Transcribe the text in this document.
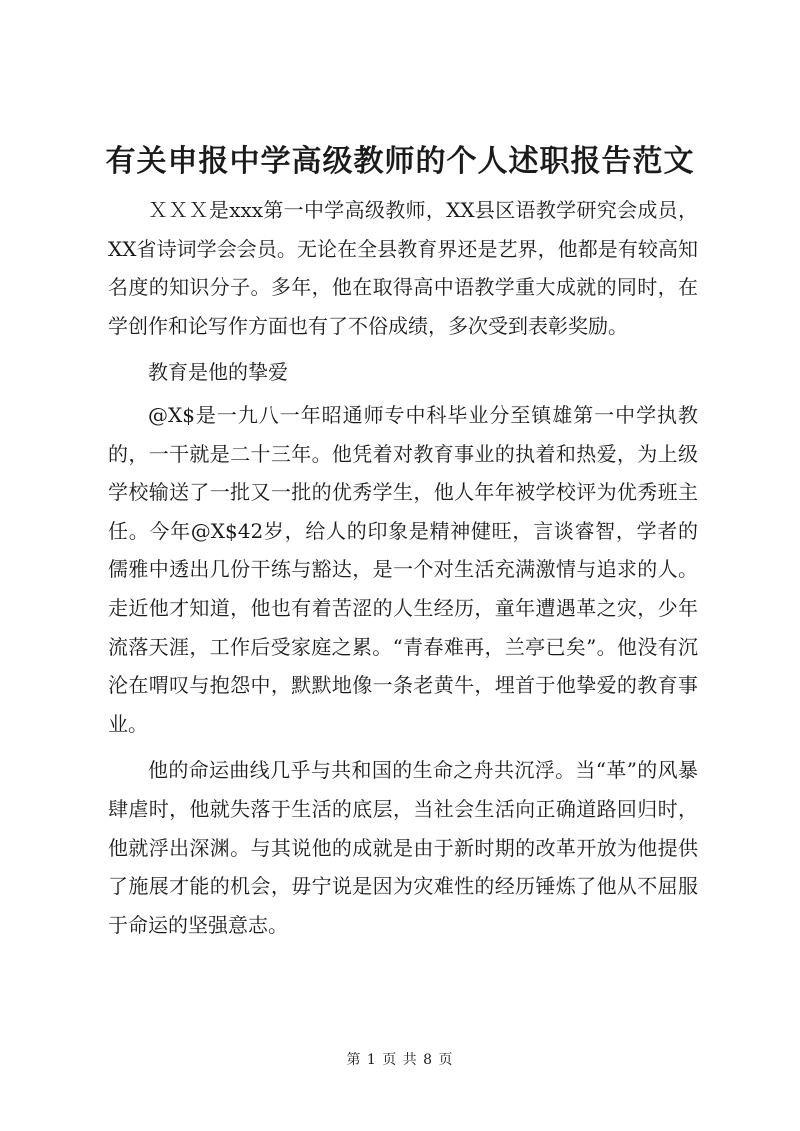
有关申报中学高级教师的个人述职报告范文

ＸＸＸ是xxx第一中学高级教师，XX县区语教学研究会成员，XX省诗词学会会员。无论在全县教育界还是艺界，他都是有较高知名度的知识分子。多年，他在取得高中语教学重大成就的同时，在学创作和论写作方面也有了不俗成绩，多次受到表彰奖励。

教育是他的挚爱

@X$是一九八一年昭通师专中科毕业分至镇雄第一中学执教的，一干就是二十三年。他凭着对教育事业的执着和热爱，为上级学校输送了一批又一批的优秀学生，他人年年被学校评为优秀班主任。今年@X$42岁，给人的印象是精神健旺，言谈睿智，学者的儒雅中透出几份干练与豁达，是一个对生活充满激情与追求的人。走近他才知道，他也有着苦涩的人生经历，童年遭遇革之灾，少年流落天涯，工作后受家庭之累。“青春难再，兰亭已矣”。他没有沉沦在喟叹与抱怨中，默默地像一条老黄牛，埋首于他挚爱的教育事业。

他的命运曲线几乎与共和国的生命之舟共沉浮。当“革”的风暴肆虐时，他就失落于生活的底层，当社会生活向正确道路回归时，他就浮出深渊。与其说他的成就是由于新时期的改革开放为他提供了施展才能的机会，毋宁说是因为灾难性的经历锤炼了他从不屈服于命运的坚强意志。

第 1 页 共 8 页
